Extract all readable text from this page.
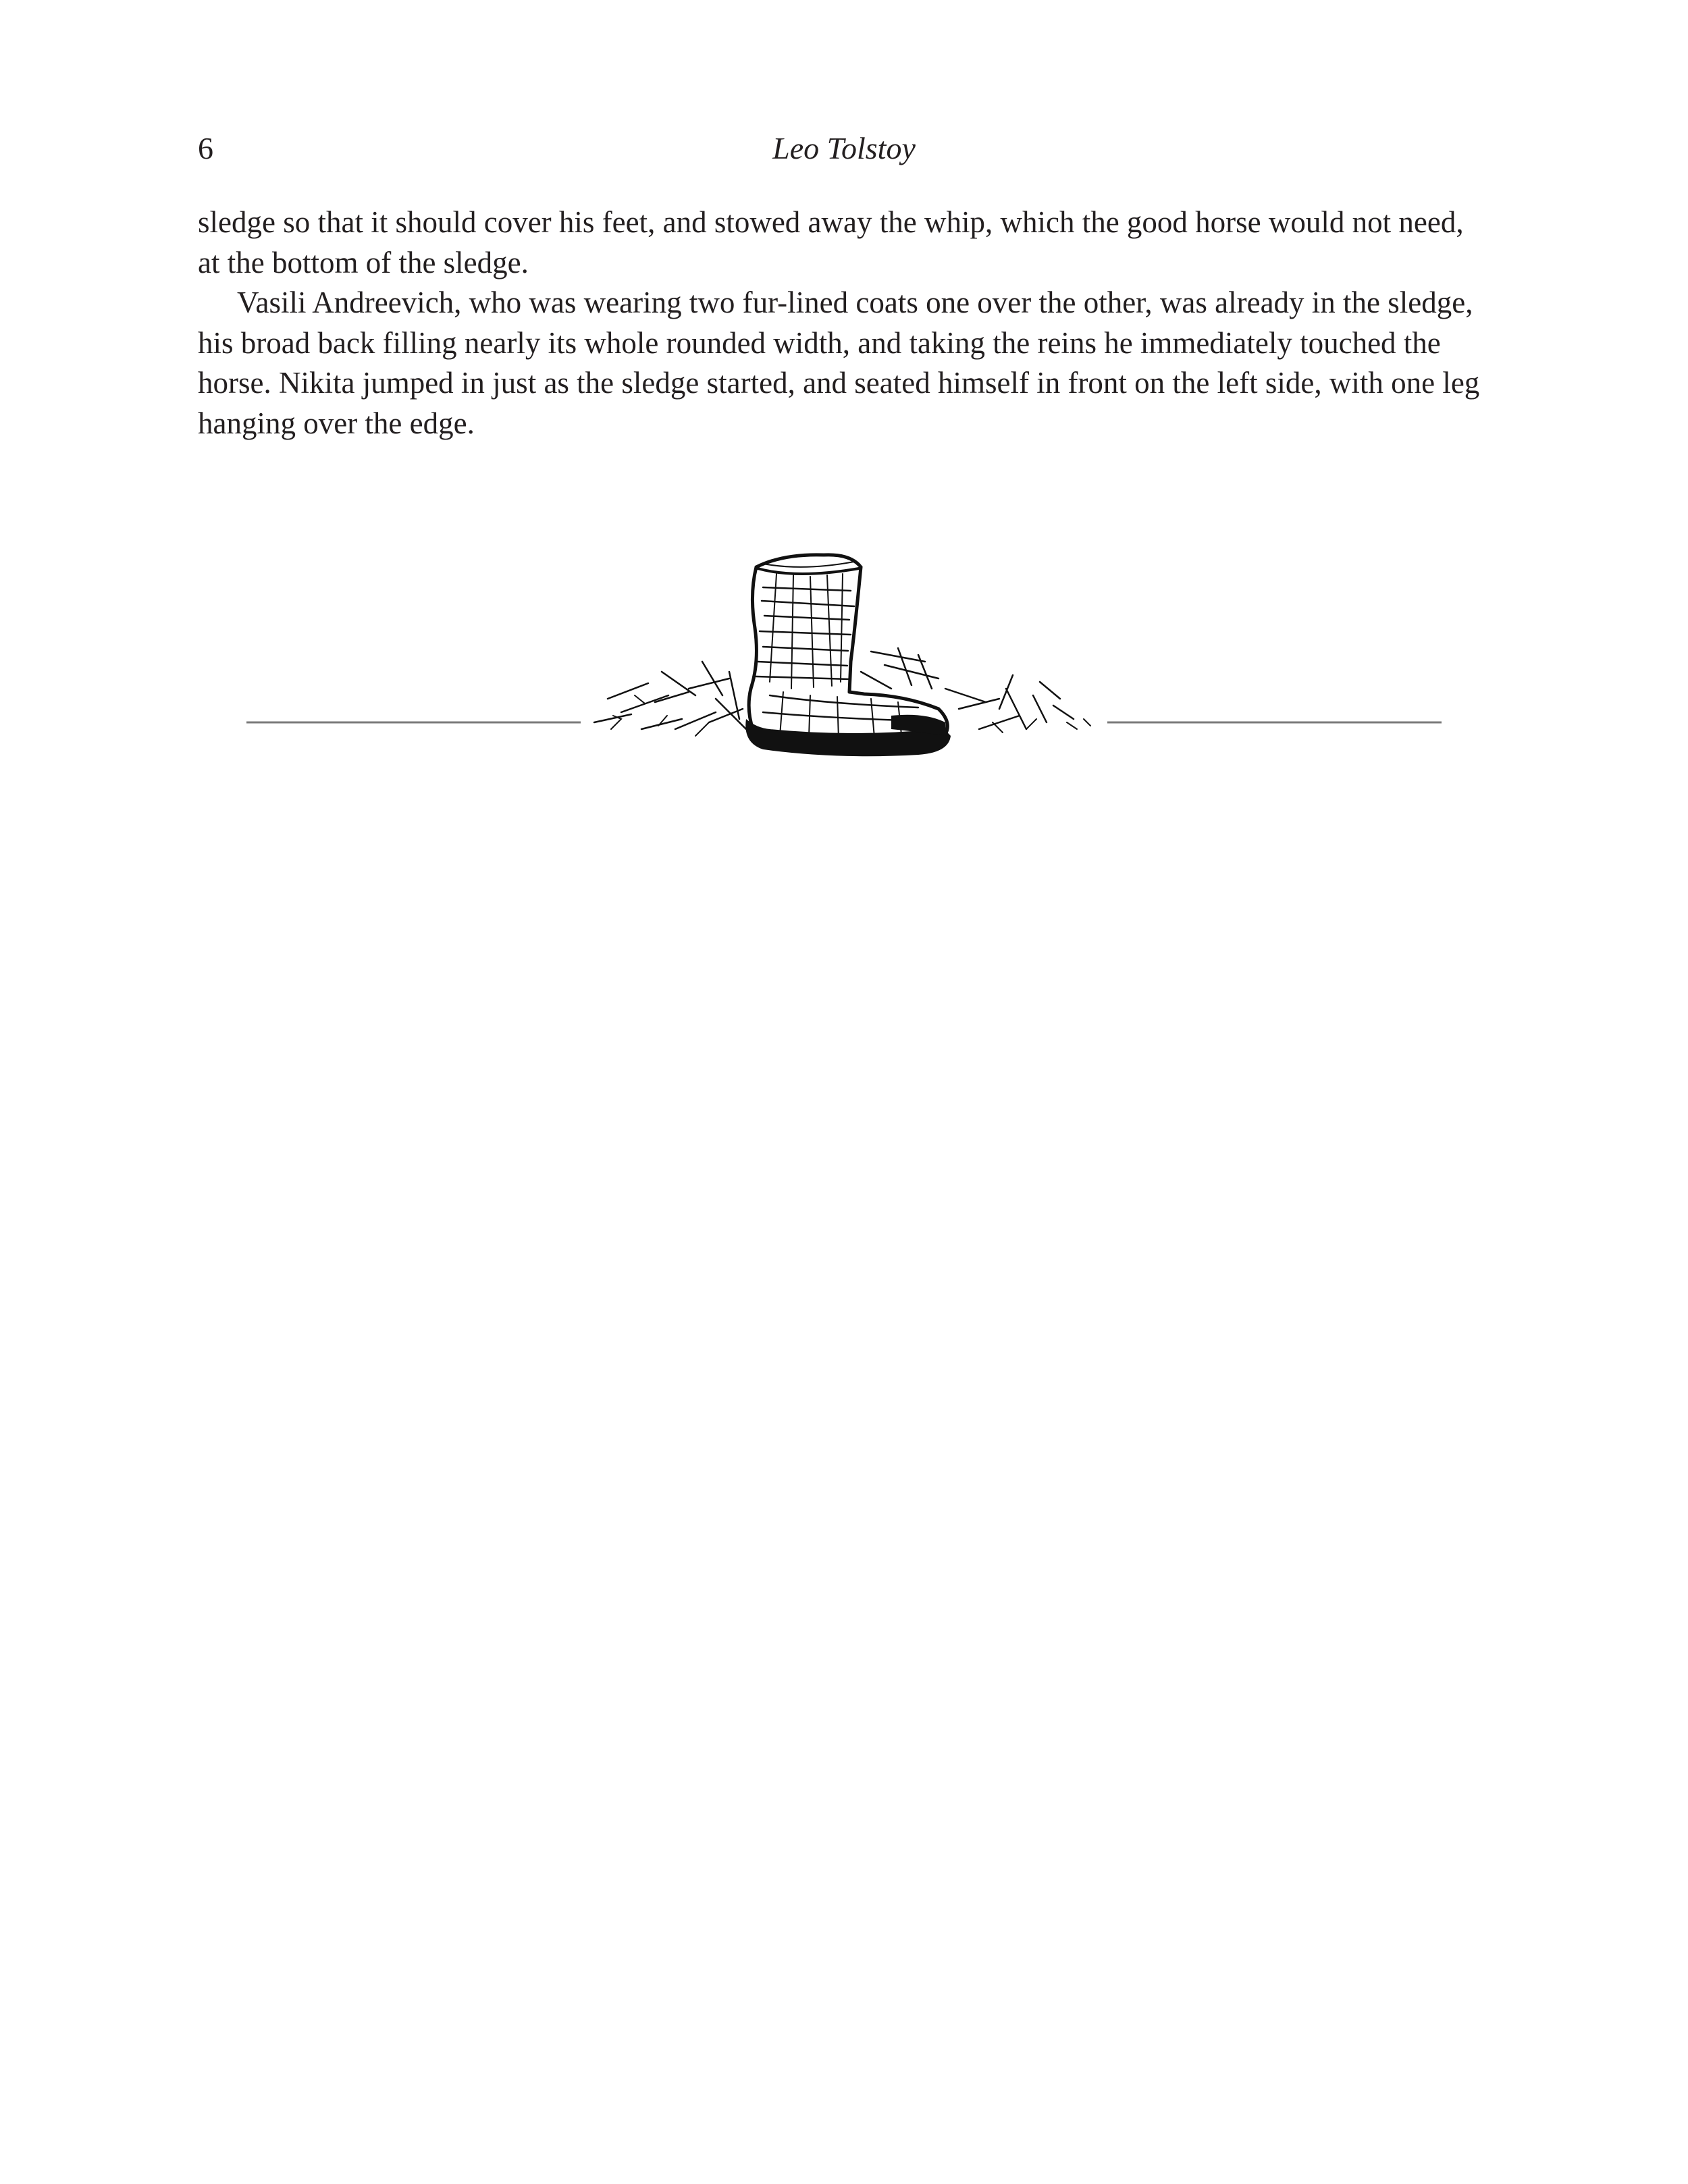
6	Leo Tolstoy

sledge so that it should cover his feet, and stowed away the whip, which the good horse would not need, at the bottom of the sledge.

Vasili Andreevich, who was wearing two fur-lined coats one over the other, was already in the sledge, his broad back filling nearly its whole rounded width, and taking the reins he immediately touched the horse. Nikita jumped in just as the sledge started, and seated himself in front on the left side, with one leg hanging over the edge.
